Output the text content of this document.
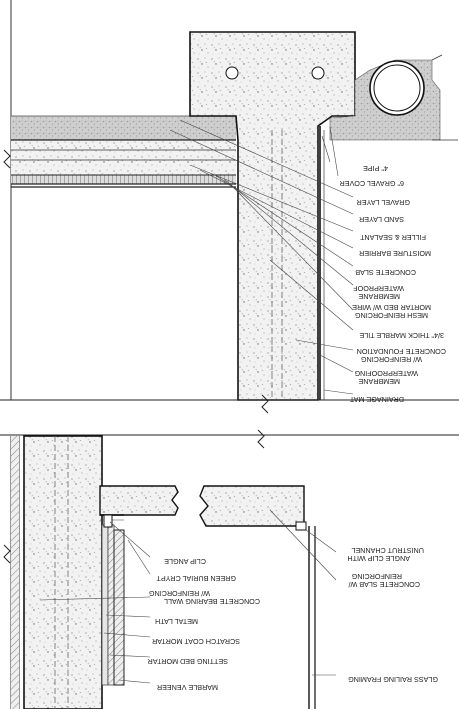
4" PIPE
6" GRAVEL COVER
GRAVEL LAYER
SAND LAYER
FILLER & SEALANT
MOISTURE BARRIER
CONCRETE SLAB
WATERPROOF
MEMBRANE
MORTAR BED W/ WIRE
MESH REINFORCING
3/4" THICK MARBLE TILE
CONCRETE FOUNDATION
W/ REINFORCING
WATERPROOFING
MEMBRANE
DRAINAGE MAT
CLIP ANGLE
GREEN BURIAL CRYPT
CONCRETE BEARING WALL
W/ REINFORCING
METAL LATH
SCRATCH COAT MORTAR
SETTING BED MORTAR
MARBLE VENEER
UNISTRUT CHANNEL
ANGLE CLIP WITH
CONCRETE SLAB W/
REINFORCING
GLASS RAILING FRAMING
